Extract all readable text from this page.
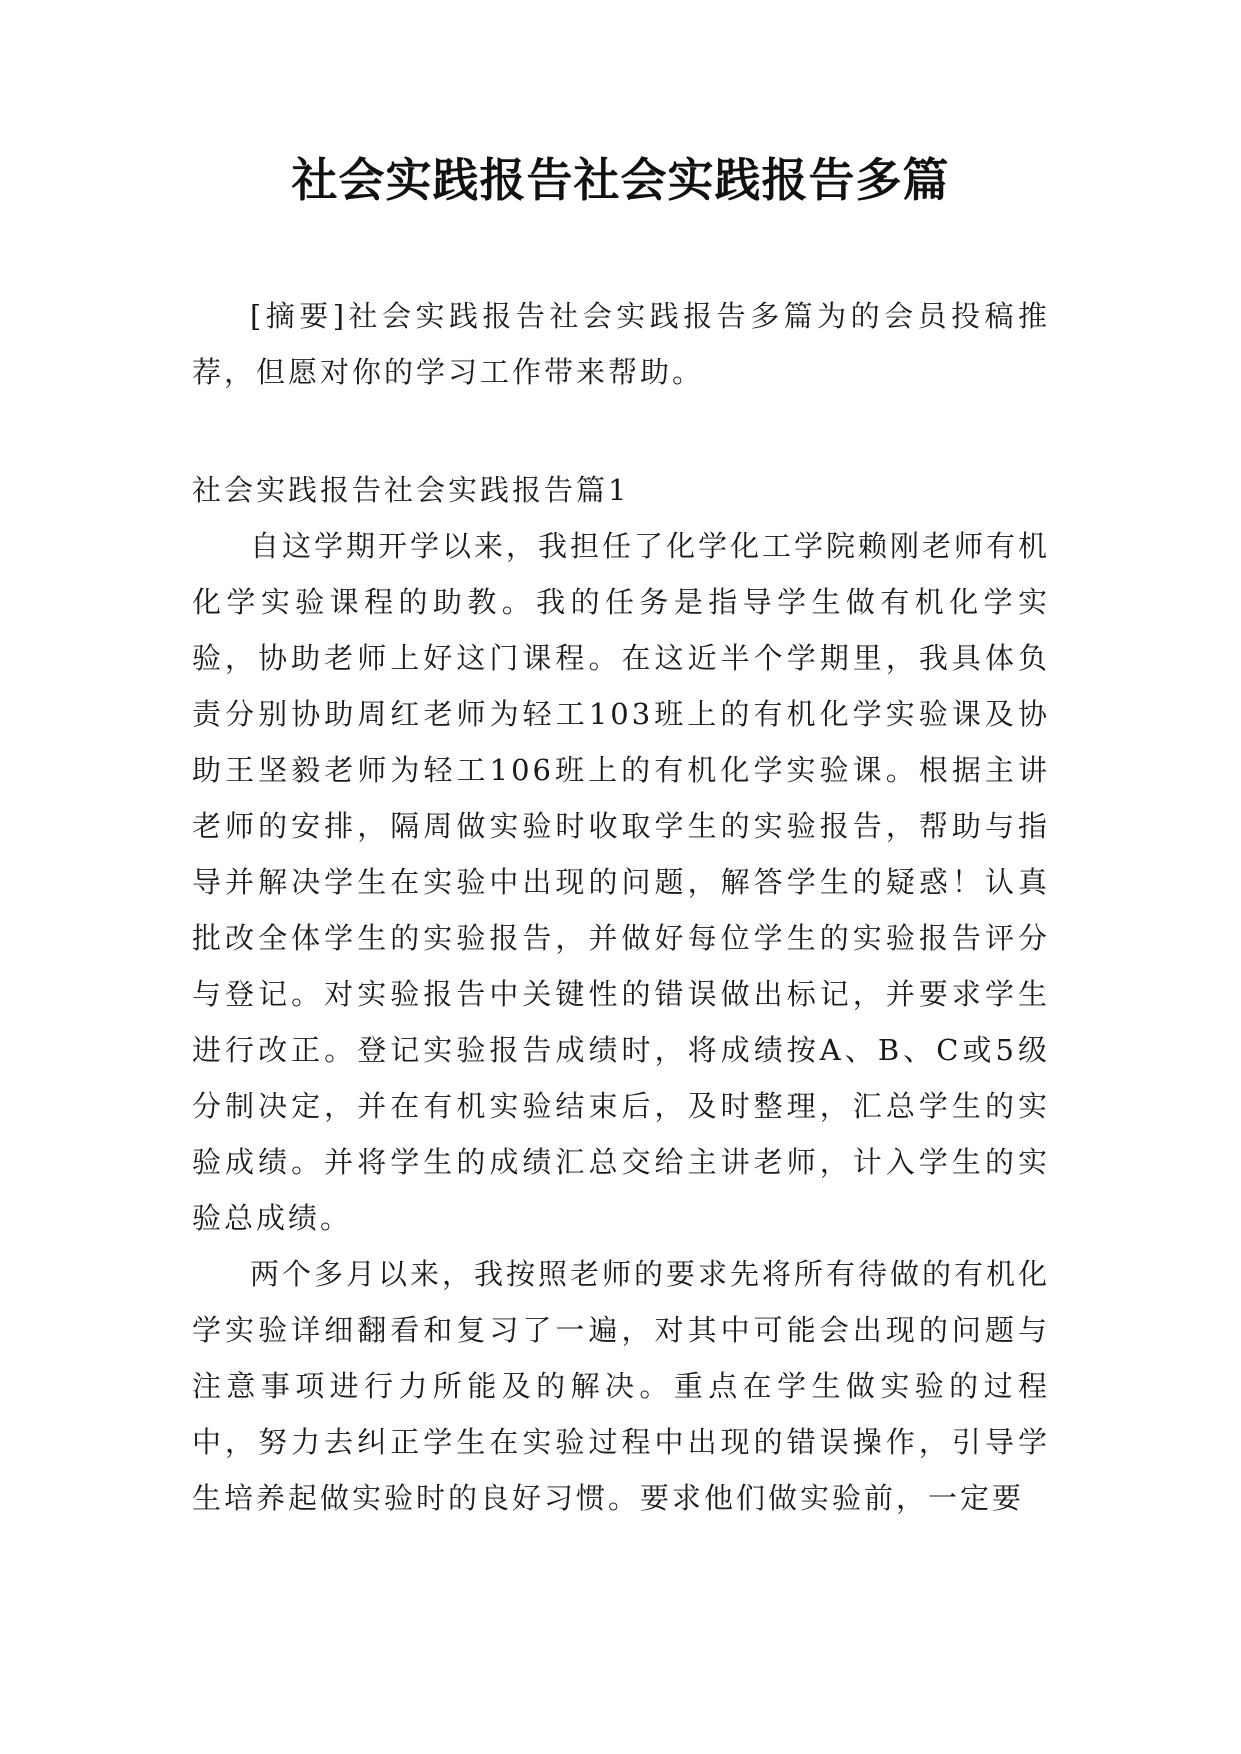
社会实践报告社会实践报告多篇

[摘要]社会实践报告社会实践报告多篇为的会员投稿推荐，但愿对你的学习工作带来帮助。

社会实践报告社会实践报告篇1

自这学期开学以来，我担任了化学化工学院赖刚老师有机化学实验课程的助教。我的任务是指导学生做有机化学实验，协助老师上好这门课程。在这近半个学期里，我具体负责分别协助周红老师为轻工103班上的有机化学实验课及协助王坚毅老师为轻工106班上的有机化学实验课。根据主讲老师的安排，隔周做实验时收取学生的实验报告，帮助与指导并解决学生在实验中出现的问题，解答学生的疑惑！认真批改全体学生的实验报告，并做好每位学生的实验报告评分与登记。对实验报告中关键性的错误做出标记，并要求学生进行改正。登记实验报告成绩时，将成绩按A、B、C或5级分制决定，并在有机实验结束后，及时整理，汇总学生的实验成绩。并将学生的成绩汇总交给主讲老师，计入学生的实验总成绩。

两个多月以来，我按照老师的要求先将所有待做的有机化学实验详细翻看和复习了一遍，对其中可能会出现的问题与注意事项进行力所能及的解决。重点在学生做实验的过程中，努力去纠正学生在实验过程中出现的错误操作，引导学生培养起做实验时的良好习惯。要求他们做实验前，一定要
